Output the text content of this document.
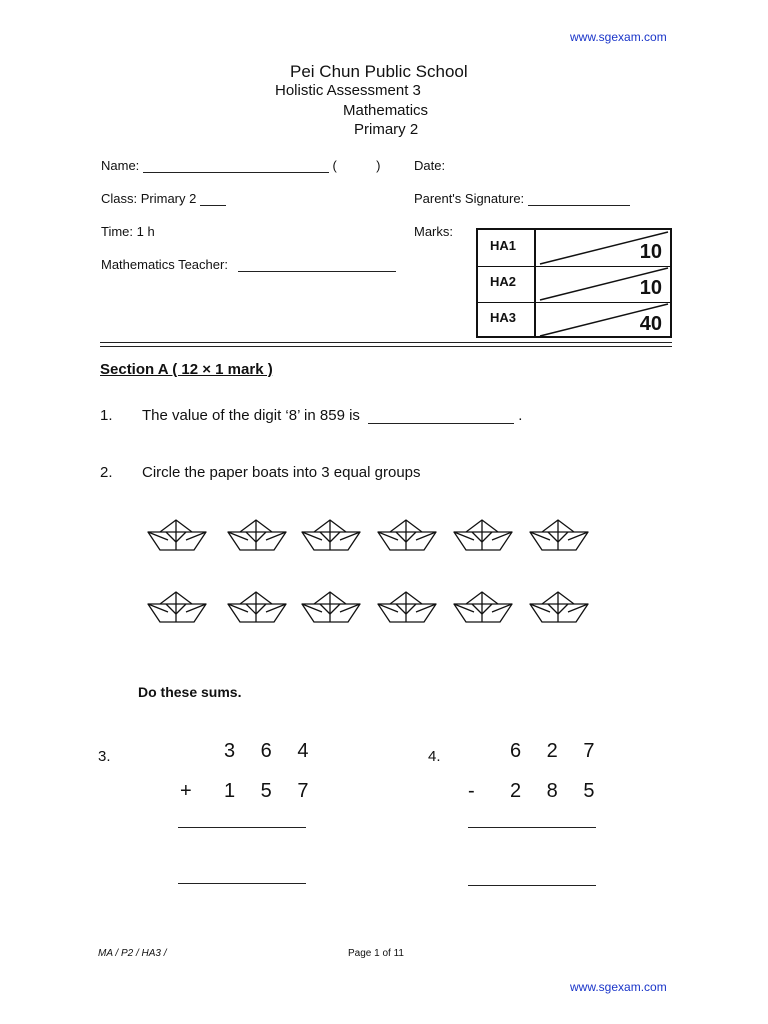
www.sgexam.com
Pei Chun Public School
Holistic Assessment 3
Mathematics
Primary 2
Name:	(	)	Date:
Class: Primary 2	Parent's Signature:
Time: 1 h	Marks:
Mathematics Teacher:
HA1	10
HA2	10
HA3	40
Section A ( 12 × 1 mark )
1. The value of the digit ‘8’ in 859 is	.
2. Circle the paper boats into 3 equal groups
Do these sums.
3.	3 6 4
+ 1 5 7
4.	6 2 7
- 2 8 5
MA / P2 / HA3 /	Page 1 of 11
www.sgexam.com
